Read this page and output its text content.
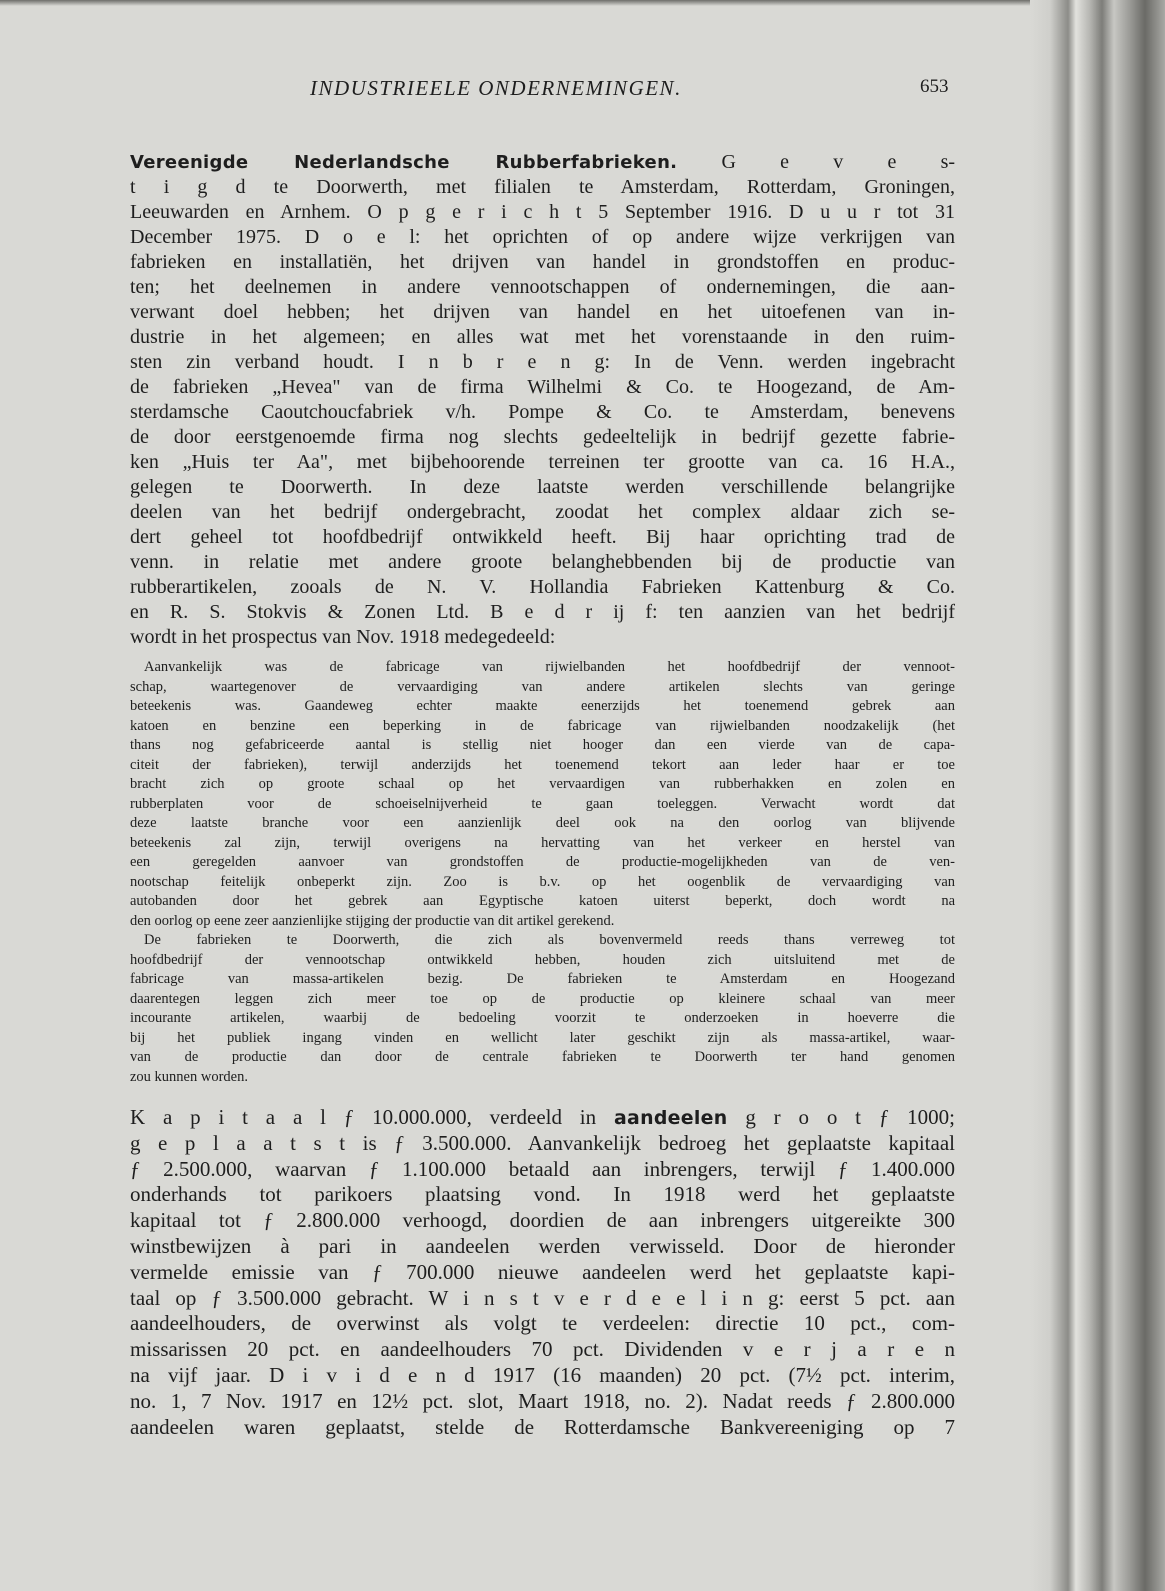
INDUSTRIEELE ONDERNEMINGEN.	653
Vereenigde Nederlandsche Rubberfabrieken. G e v e s-
t i g d te Doorwerth, met filialen te Amsterdam, Rotterdam, Groningen,
Leeuwarden en Arnhem. O p g e r i c h t 5 September 1916. D u u r tot 31
December 1975. D o e l: het oprichten of op andere wijze verkrijgen van
fabrieken en installatiën, het drijven van handel in grondstoffen en produc-
ten; het deelnemen in andere vennootschappen of ondernemingen, die aan-
verwant doel hebben; het drijven van handel en het uitoefenen van in-
dustrie in het algemeen; en alles wat met het vorenstaande in den ruim-
sten zin verband houdt. I n b r e n g: In de Venn. werden ingebracht
de fabrieken „Hevea" van de firma Wilhelmi & Co. te Hoogezand, de Am-
sterdamsche Caoutchoucfabriek v/h. Pompe & Co. te Amsterdam, benevens
de door eerstgenoemde firma nog slechts gedeeltelijk in bedrijf gezette fabrie-
ken „Huis ter Aa", met bijbehoorende terreinen ter grootte van ca. 16 H.A.,
gelegen te Doorwerth. In deze laatste werden verschillende belangrijke
deelen van het bedrijf ondergebracht, zoodat het complex aldaar zich se-
dert geheel tot hoofdbedrijf ontwikkeld heeft. Bij haar oprichting trad de
venn. in relatie met andere groote belanghebbenden bij de productie van
rubberartikelen, zooals de N. V. Hollandia Fabrieken Kattenburg & Co.
en R. S. Stokvis & Zonen Ltd. B e d r ij f: ten aanzien van het bedrijf
wordt in het prospectus van Nov. 1918 medegedeeld:
Aanvankelijk was de fabricage van rijwielbanden het hoofdbedrijf der vennoot-
schap, waartegenover de vervaardiging van andere artikelen slechts van geringe
beteekenis was. Gaandeweg echter maakte eenerzijds het toenemend gebrek aan
katoen en benzine een beperking in de fabricage van rijwielbanden noodzakelijk (het
thans nog gefabriceerde aantal is stellig niet hooger dan een vierde van de capa-
citeit der fabrieken), terwijl anderzijds het toenemend tekort aan leder haar er toe
bracht zich op groote schaal op het vervaardigen van rubberhakken en zolen en
rubberplaten voor de schoeiselnijverheid te gaan toeleggen. Verwacht wordt dat
deze laatste branche voor een aanzienlijk deel ook na den oorlog van blijvende
beteekenis zal zijn, terwijl overigens na hervatting van het verkeer en herstel van
een geregelden aanvoer van grondstoffen de productie-mogelijkheden van de ven-
nootschap feitelijk onbeperkt zijn. Zoo is b.v. op het oogenblik de vervaardiging van
autobanden door het gebrek aan Egyptische katoen uiterst beperkt, doch wordt na
den oorlog op eene zeer aanzienlijke stijging der productie van dit artikel gerekend.
De fabrieken te Doorwerth, die zich als bovenvermeld reeds thans verreweg tot
hoofdbedrijf der vennootschap ontwikkeld hebben, houden zich uitsluitend met de
fabricage van massa-artikelen bezig. De fabrieken te Amsterdam en Hoogezand
daarentegen leggen zich meer toe op de productie op kleinere schaal van meer
incourante artikelen, waarbij de bedoeling voorzit te onderzoeken in hoeverre die
bij het publiek ingang vinden en wellicht later geschikt zijn als massa-artikel, waar-
van de productie dan door de centrale fabrieken te Doorwerth ter hand genomen
zou kunnen worden.
K a p i t a a l ƒ 10.000.000, verdeeld in aandeelen g r o o t ƒ 1000;
g e p l a a t s t is ƒ 3.500.000. Aanvankelijk bedroeg het geplaatste kapitaal
ƒ 2.500.000, waarvan ƒ 1.100.000 betaald aan inbrengers, terwijl ƒ 1.400.000
onderhands tot parikoers plaatsing vond. In 1918 werd het geplaatste
kapitaal tot ƒ 2.800.000 verhoogd, doordien de aan inbrengers uitgereikte 300
winstbewijzen à pari in aandeelen werden verwisseld. Door de hieronder
vermelde emissie van ƒ 700.000 nieuwe aandeelen werd het geplaatste kapi-
taal op ƒ 3.500.000 gebracht. W i n s t v e r d e e l i n g: eerst 5 pct. aan
aandeelhouders, de overwinst als volgt te verdeelen: directie 10 pct., com-
missarissen 20 pct. en aandeelhouders 70 pct. Dividenden v e r j a r e n
na vijf jaar. D i v i d e n d 1917 (16 maanden) 20 pct. (7½ pct. interim,
no. 1, 7 Nov. 1917 en 12½ pct. slot, Maart 1918, no. 2). Nadat reeds ƒ 2.800.000
aandeelen waren geplaatst, stelde de Rotterdamsche Bankvereeniging op 7
